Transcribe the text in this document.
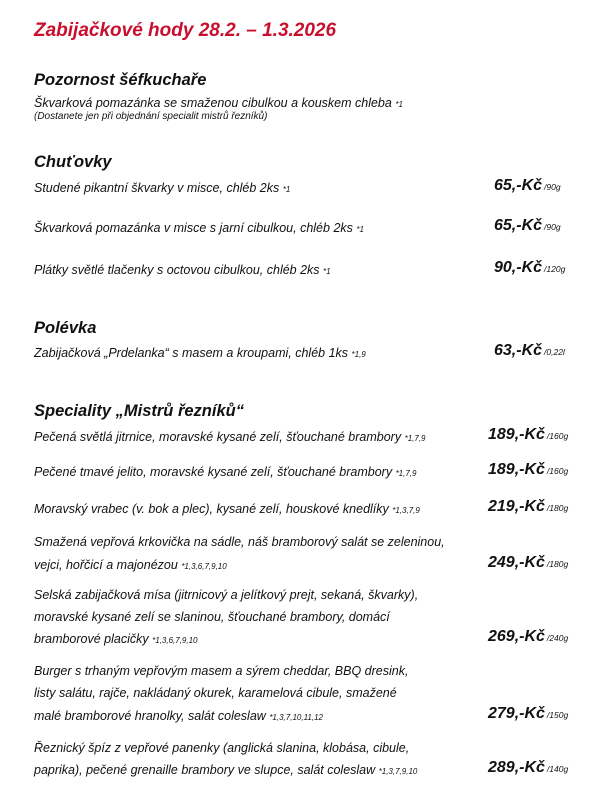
Zabijačkové hody 28.2. – 1.3.2026
Pozornost šéfkuchaře
Škvarková pomazánka se smaženou cibulkou a kouskem chleba *1
(Dostanete jen při objednání specialit mistrů řezníků)
Chuťovky
Studené pikantní škvarky v misce, chléb 2ks *1	65,-Kč /90g
Škvarková pomazánka v misce s jarní cibulkou, chléb 2ks *1	65,-Kč /90g
Plátky světlé tlačenky s octovou cibulkou, chléb 2ks *1	90,-Kč /120g
Polévka
Zabijačková „Prdelanka“ s masem a kroupami, chléb 1ks *1,9	63,-Kč /0,22l
Speciality „Mistrů řezníků“
Pečená světlá jitrnice, moravské kysané zelí, šťouchané brambory *1,7,9	189,-Kč /160g
Pečené tmavé jelito, moravské kysané zelí, šťouchané brambory *1,7,9	189,-Kč /160g
Moravský vrabec (v. bok a plec), kysané zelí, houskové knedlíky *1,3,7,9	219,-Kč /180g
Smažená vepřová krkovička na sádle, náš bramborový salát se zeleninou,
vejci, hořčicí a majonézou *1,3,6,7,9,10	249,-Kč /180g
Selská zabijačková mísa (jitrnicový a jelítkový prejt, sekaná, škvarky),
moravské kysané zelí se slaninou, šťouchané brambory, domácí
bramborové placičky *1,3,6,7,9,10	269,-Kč /240g
Burger s trhaným vepřovým masem a sýrem cheddar, BBQ dresink,
listy salátu, rajče, nakládaný okurek, karamelová cibule, smažené
malé bramborové hranolky, salát coleslaw *1,3,7,10,11,12	279,-Kč /150g
Řeznický špíz z vepřové panenky (anglická slanina, klobása, cibule,
paprika), pečené grenaille brambory ve slupce, salát coleslaw *1,3,7,9,10	289,-Kč /140g
